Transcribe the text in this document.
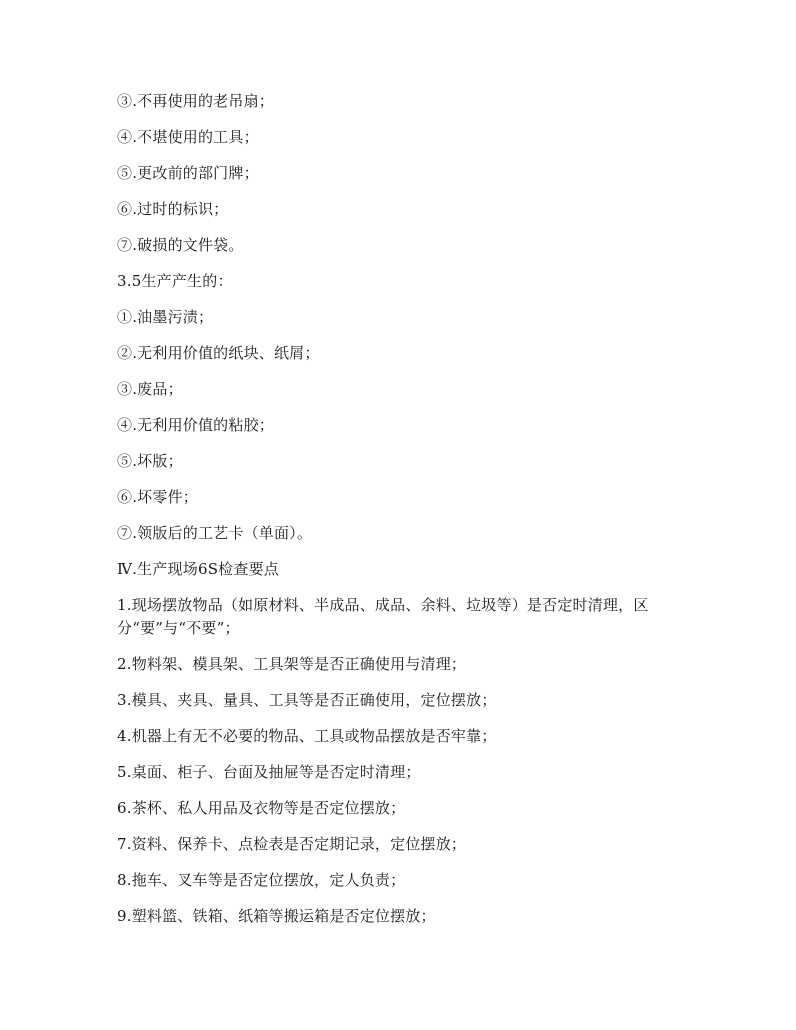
③.不再使用的老吊扇；

④.不堪使用的工具；

⑤.更改前的部门牌；

⑥.过时的标识；

⑦.破损的文件袋。

3.5生产产生的：

①.油墨污渍；

②.无利用价值的纸块、纸屑；

③.废品；

④.无利用价值的粘胶；

⑤.坏版；

⑥.坏零件；

⑦.领版后的工艺卡（单面）。

Ⅳ.生产现场6S检查要点

1.现场摆放物品（如原材料、半成品、成品、余料、垃圾等）是否定时清理，区分“要”与“不要”；

2.物料架、模具架、工具架等是否正确使用与清理；

3.模具、夹具、量具、工具等是否正确使用，定位摆放；

4.机器上有无不必要的物品、工具或物品摆放是否牢靠；

5.桌面、柜子、台面及抽屉等是否定时清理；

6.茶杯、私人用品及衣物等是否定位摆放；

7.资料、保养卡、点检表是否定期记录，定位摆放；

8.拖车、叉车等是否定位摆放，定人负责；

9.塑料篮、铁箱、纸箱等搬运箱是否定位摆放；
